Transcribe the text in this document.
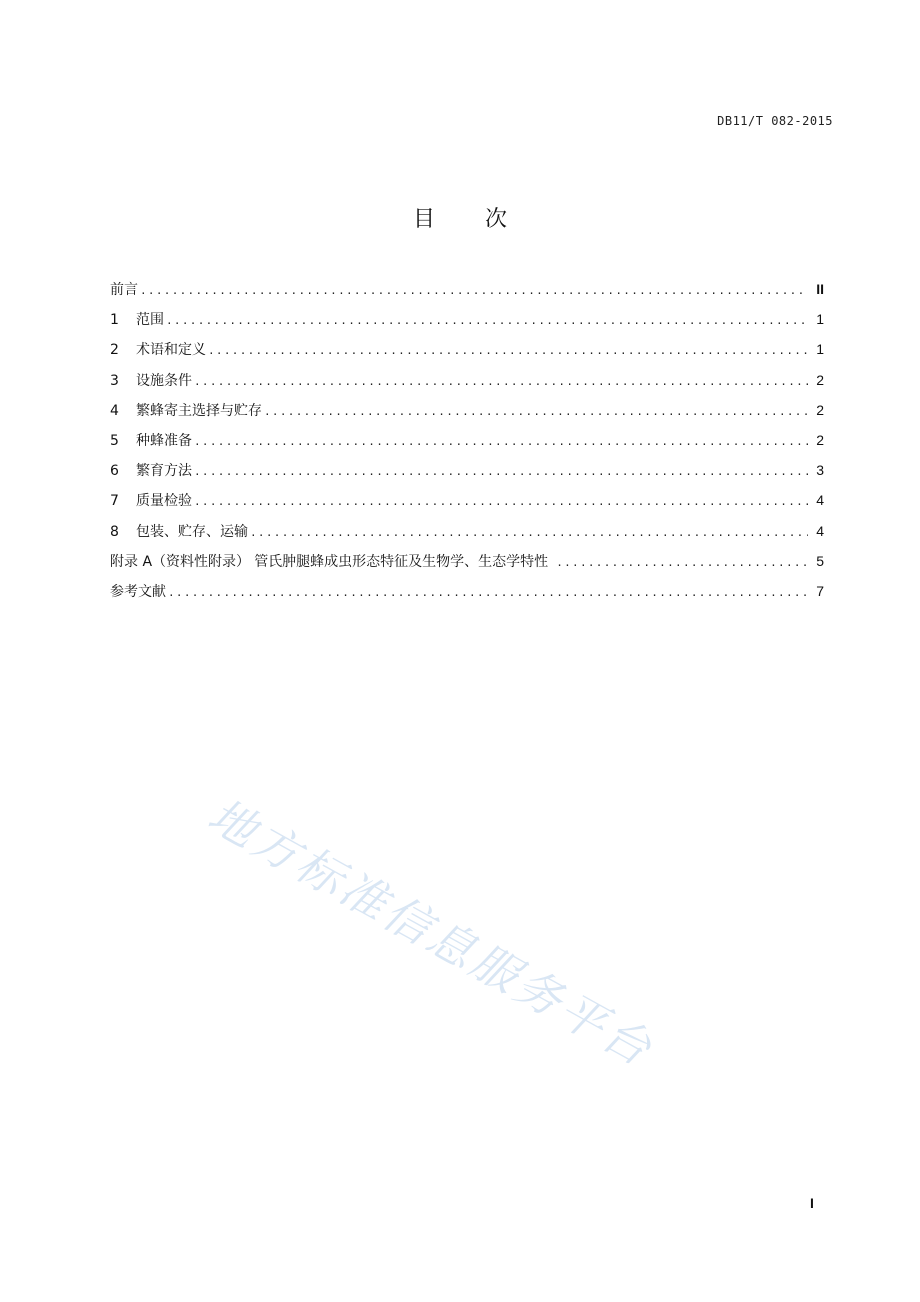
DB11/T 082-2015
目 次
前言 .....	II
1	范围 .....	1
2	术语和定义 .....	1
3	设施条件 .....	2
4	繁蜂寄主选择与贮存 .....	2
5	种蜂准备 .....	2
6	繁育方法 .....	3
7	质量检验 .....	4
8	包装、贮存、运输 .....	4
附录 A（资料性附录） 管氏肿腿蜂成虫形态特征及生物学、生态学特性 .....	5
参考文献 .....	7
地方标准信息服务平台
I
